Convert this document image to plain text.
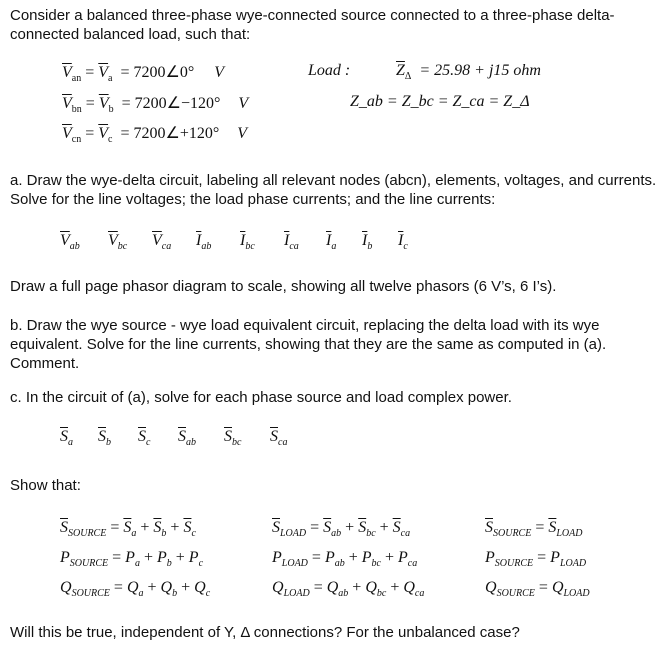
Consider a balanced three-phase wye-connected source connected to a three-phase delta-connected balanced load, such that:

$\overline{V}_{an} = \overline{V}_a$ = 7200∠0° V
$\overline{V}_{bn} = \overline{V}_b$ = 7200∠−120° V
$\overline{V}_{cn} = \overline{V}_c$ = 7200∠+120° V
Load :	$\overline{Z}_\Delta = 25.98 + j15$ ohm
Z_ab = Z_bc = Z_ca = Z_Δ

a. Draw the wye-delta circuit, labeling all relevant nodes (abcn), elements, voltages, and currents. Solve for the line voltages; the load phase currents; and the line currents:

$\overline{V}_{ab}$	$\overline{V}_{bc}$	$\overline{V}_{ca}$	$\overline{I}_{ab}$	$\overline{I}_{bc}$	$\overline{I}_{ca}$	$\overline{I}_a$	$\overline{I}_b$	$\overline{I}_c$

Draw a full page phasor diagram to scale, showing all twelve phasors (6 V’s, 6 I’s).

b. Draw the wye source - wye load equivalent circuit, replacing the delta load with its wye equivalent. Solve for the line currents, showing that they are the same as computed in (a). Comment.

c. In the circuit of (a), solve for each phase source and load complex power.

$\overline{S}_a$	$\overline{S}_b$	$\overline{S}_c$	$\overline{S}_{ab}$	$\overline{S}_{bc}$	$\overline{S}_{ca}$

Show that:

$\overline{S}_{SOURCE} = \overline{S}_a + \overline{S}_b + \overline{S}_c$	$\overline{S}_{LOAD} = \overline{S}_{ab} + \overline{S}_{bc} + \overline{S}_{ca}$	$\overline{S}_{SOURCE} = \overline{S}_{LOAD}$
$P_{SOURCE} = P_a + P_b + P_c$	$P_{LOAD} = P_{ab} + P_{bc} + P_{ca}$	$P_{SOURCE} = P_{LOAD}$
$Q_{SOURCE} = Q_a + Q_b + Q_c$	$Q_{LOAD} = Q_{ab} + Q_{bc} + Q_{ca}$	$Q_{SOURCE} = Q_{LOAD}$

Will this be true, independent of Y, Δ connections? For the unbalanced case?
